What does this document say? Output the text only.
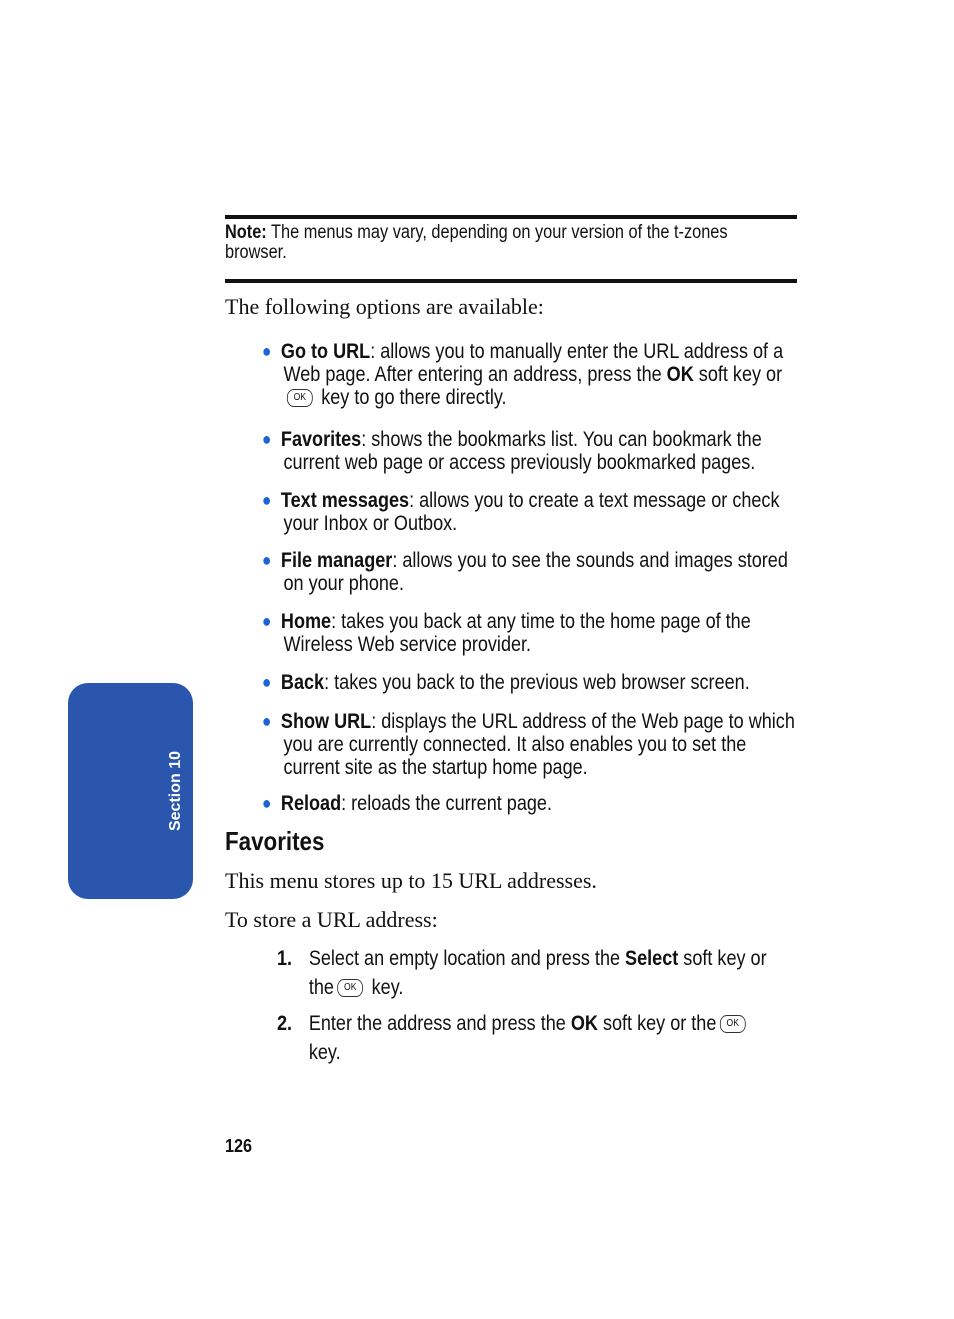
Section 10
Note: The menus may vary, depending on your version of the t-zones
browser.
The following options are available:
● Go to URL: allows you to manually enter the URL address of a
Web page. After entering an address, press the OK soft key or
OK key to go there directly.
● Favorites: shows the bookmarks list. You can bookmark the
current web page or access previously bookmarked pages.
● Text messages: allows you to create a text message or check
your Inbox or Outbox.
● File manager: allows you to see the sounds and images stored
on your phone.
● Home: takes you back at any time to the home page of the
Wireless Web service provider.
● Back: takes you back to the previous web browser screen.
● Show URL: displays the URL address of the Web page to which
you are currently connected. It also enables you to set the
current site as the startup home page.
● Reload: reloads the current page.
Favorites
This menu stores up to 15 URL addresses.
To store a URL address:
1. Select an empty location and press the Select soft key or
the OK key.
2. Enter the address and press the OK soft key or the OK
key.
126
